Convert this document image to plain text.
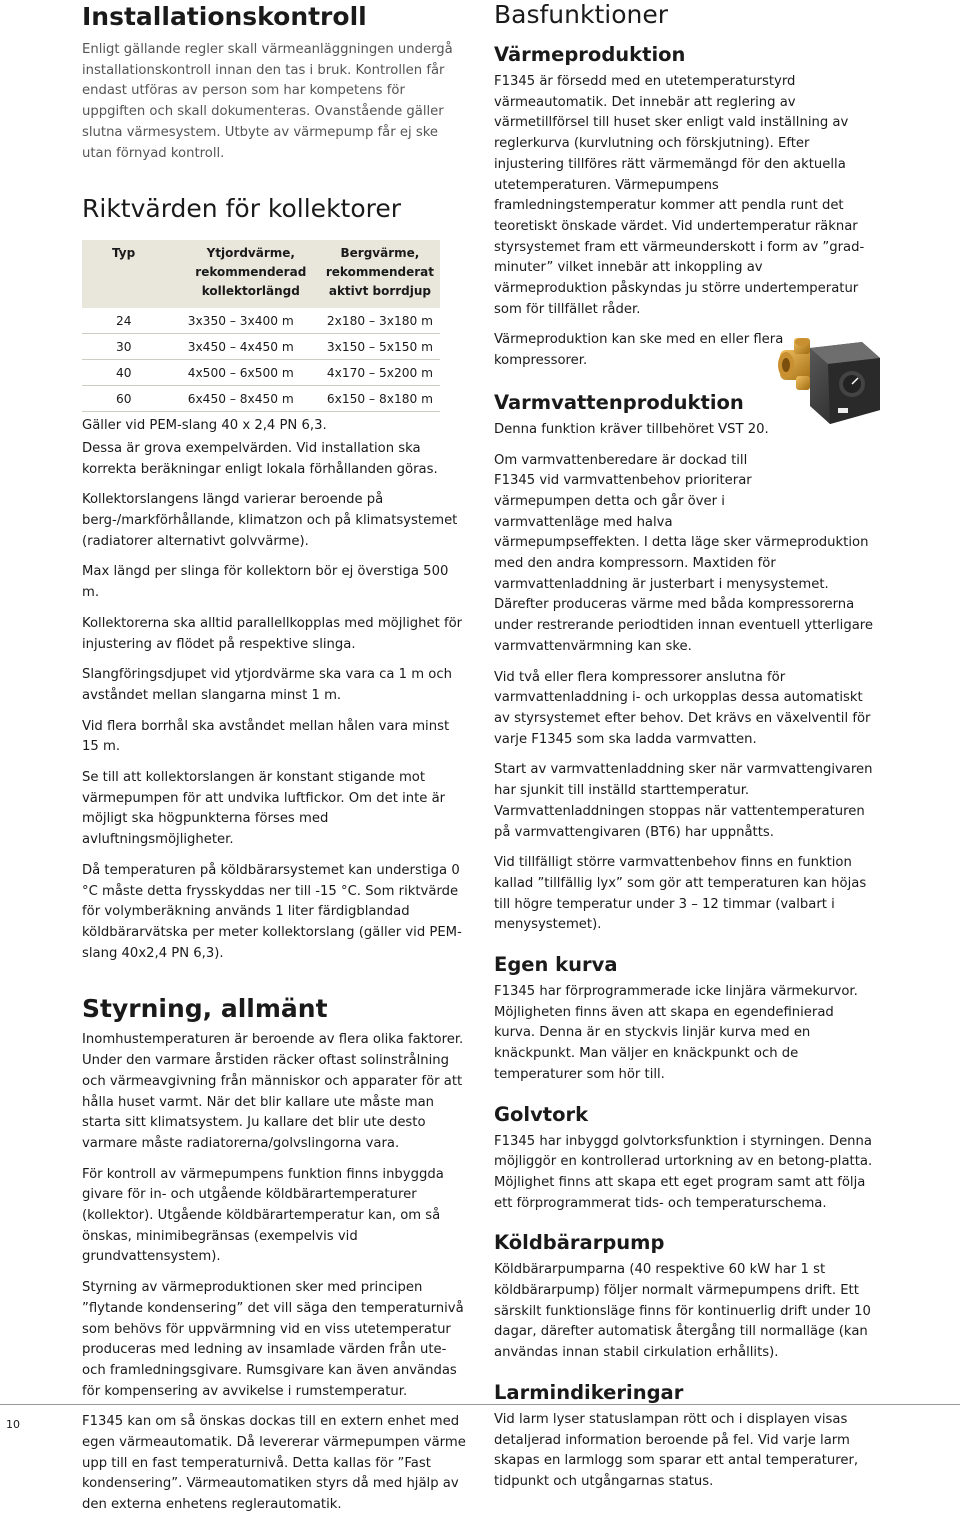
Installationskontroll

Enligt gällande regler skall värmeanläggningen undergå installationskontroll innan den tas i bruk. Kontrollen får endast utföras av person som har kompetens för uppgiften och skall dokumenteras. Ovanstående gäller slutna värmesystem. Utbyte av värmepump får ej ske utan förnyad kontroll.

Riktvärden för kollektorer
Typ	Ytjordvärme, rekommenderad kollektorlängd	Bergvärme, rekommenderat aktivt borrdjup
24	3x350 – 3x400 m	2x180 – 3x180 m
30	3x450 – 4x450 m	3x150 – 5x150 m
40	4x500 – 6x500 m	4x170 – 5x200 m
60	6x450 – 8x450 m	6x150 – 8x180 m

Gäller vid PEM-slang 40 x 2,4 PN 6,3.

Dessa är grova exempelvärden. Vid installation ska korrekta beräkningar enligt lokala förhållanden göras.

Kollektorslangens längd varierar beroende på berg-/markförhållande, klimatzon och på klimatsystemet (radiatorer alternativt golvvärme).

Max längd per slinga för kollektorn bör ej överstiga 500 m.

Kollektorerna ska alltid parallellkopplas med möjlighet för injustering av flödet på respektive slinga.

Slangföringsdjupet vid ytjordvärme ska vara ca 1 m och avståndet mellan slangarna minst 1 m.

Vid flera borrhål ska avståndet mellan hålen vara minst 15 m.

Se till att kollektorslangen är konstant stigande mot värmepumpen för att undvika luftfickor. Om det inte är möjligt ska högpunkterna förses med avluftningsmöjligheter.

Då temperaturen på köldbärarsystemet kan understiga 0 °C måste detta frysskyddas ner till -15 °C. Som riktvärde för volymberäkning används 1 liter färdigblandad köldbärarvätska per meter kollektorslang (gäller vid PEM-slang 40x2,4 PN 6,3).

Styrning, allmänt

Inomhustemperaturen är beroende av flera olika faktorer. Under den varmare årstiden räcker oftast solinstrålning och värmeavgivning från människor och apparater för att hålla huset varmt. När det blir kallare ute måste man starta sitt klimatsystem. Ju kallare det blir ute desto varmare måste radiatorerna/golvslingorna vara.

För kontroll av värmepumpens funktion finns inbyggda givare för in- och utgående köldbärartemperaturer (kollektor). Utgående köldbärartemperatur kan, om så önskas, minimibegränsas (exempelvis vid grundvattensystem).

Styrning av värmeproduktionen sker med principen ”flytande kondensering” det vill säga den temperaturnivå som behövs för uppvärmning vid en viss utetemperatur produceras med ledning av insamlade värden från ute- och framledningsgivare. Rumsgivare kan även användas för kompensering av avvikelse i rumstemperatur.

F1345 kan om så önskas dockas till en extern enhet med egen värmeautomatik. Då levererar värmepumpen värme upp till en fast temperaturnivå. Detta kallas för ”Fast kondensering”. Värmeautomatiken styrs då med hjälp av den externa enhetens reglerautomatik.

Basfunktioner
Värmeproduktion

F1345 är försedd med en utetemperaturstyrd värmeautomatik. Det innebär att reglering av värmetillförsel till huset sker enligt vald inställning av reglerkurva (kurvlutning och förskjutning). Efter injustering tillföres rätt värmemängd för den aktuella utetemperaturen. Värmepumpens framledningstemperatur kommer att pendla runt det teoretiskt önskade värdet. Vid undertemperatur räknar styrsystemet fram ett värmeunderskott i form av ”grad-minuter” vilket innebär att inkoppling av värmeproduktion påskyndas ju större undertemperatur som för tillfället råder.

Värmeproduktion kan ske med en eller flera kompressorer.

Varmvattenproduktion

Denna funktion kräver tillbehöret VST 20.

Om varmvattenberedare är dockad till F1345 vid varmvattenbehov prioriterar värmepumpen detta och går över i varmvattenläge med halva värmepumpseffekten. I detta läge sker värmeproduktion med den andra kompressorn. Maxtiden för varmvattenladdning är justerbart i menysystemet. Därefter produceras värme med båda kompressorerna under restrerande periodtiden innan eventuell ytterligare varmvattenvärmning kan ske.

Vid två eller flera kompressorer anslutna för varmvattenladdning i- och urkopplas dessa automatiskt av styrsystemet efter behov. Det krävs en växelventil för varje F1345 som ska ladda varmvatten.

Start av varmvattenladdning sker när varmvattengivaren har sjunkit till inställd starttemperatur. Varmvattenladdningen stoppas när vattentemperaturen på varmvattengivaren (BT6) har uppnåtts.

Vid tillfälligt större varmvattenbehov finns en funktion kallad ”tillfällig lyx” som gör att temperaturen kan höjas till högre temperatur under 3 – 12 timmar (valbart i menysystemet).

Egen kurva

F1345 har förprogrammerade icke linjära värmekurvor. Möjligheten finns även att skapa en egendefinierad kurva. Denna är en styckvis linjär kurva med en knäckpunkt. Man väljer en knäckpunkt och de temperaturer som hör till.

Golvtork

F1345 har inbyggd golvtorksfunktion i styrningen. Denna möjliggör en kontrollerad urtorkning av en betong-platta. Möjlighet finns att skapa ett eget program samt att följa ett förprogrammerat tids- och temperaturschema.

Köldbärarpump

Köldbärarpumparna (40 respektive 60 kW har 1 st köldbärarpump) följer normalt värmepumpens drift. Ett särskilt funktionsläge finns för kontinuerlig drift under 10 dagar, därefter automatisk återgång till normalläge (kan användas innan stabil cirkulation erhållits).

Larmindikeringar

Vid larm lyser statuslampan rött och i displayen visas detaljerad information beroende på fel. Vid varje larm skapas en larmlogg som sparar ett antal temperaturer, tidpunkt och utgångarnas status.

10
